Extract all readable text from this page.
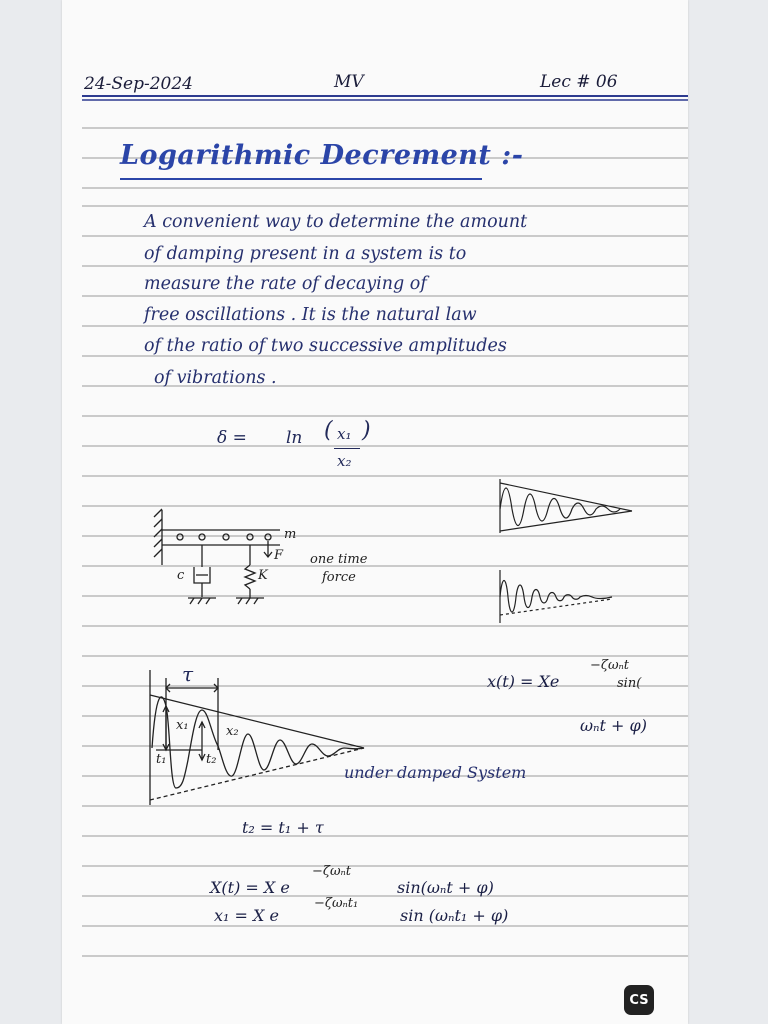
24-Sep-2024	MV	Lec # 06
Logarithmic Decrement :-
A convenient way to determine the amount
of damping present in a system is to
measure the rate of decaying of
free oscillations . It is the natural law
of the ratio of two successive amplitudes
of vibrations .
δ = ln ( x₁
x₂
)
m
F
c	K
one time
force
τ
x₁	x₂
t₁	t₂
under damped System
x(t) = Xe
−ζωₙt
sin(
ωₙt + φ)
t₂ = t₁ + τ
X(t) = X e
−ζωₙt
sin(ωₙt + φ)
x₁ = X e
−ζωₙt₁
sin (ωₙt₁ + φ)
CS
